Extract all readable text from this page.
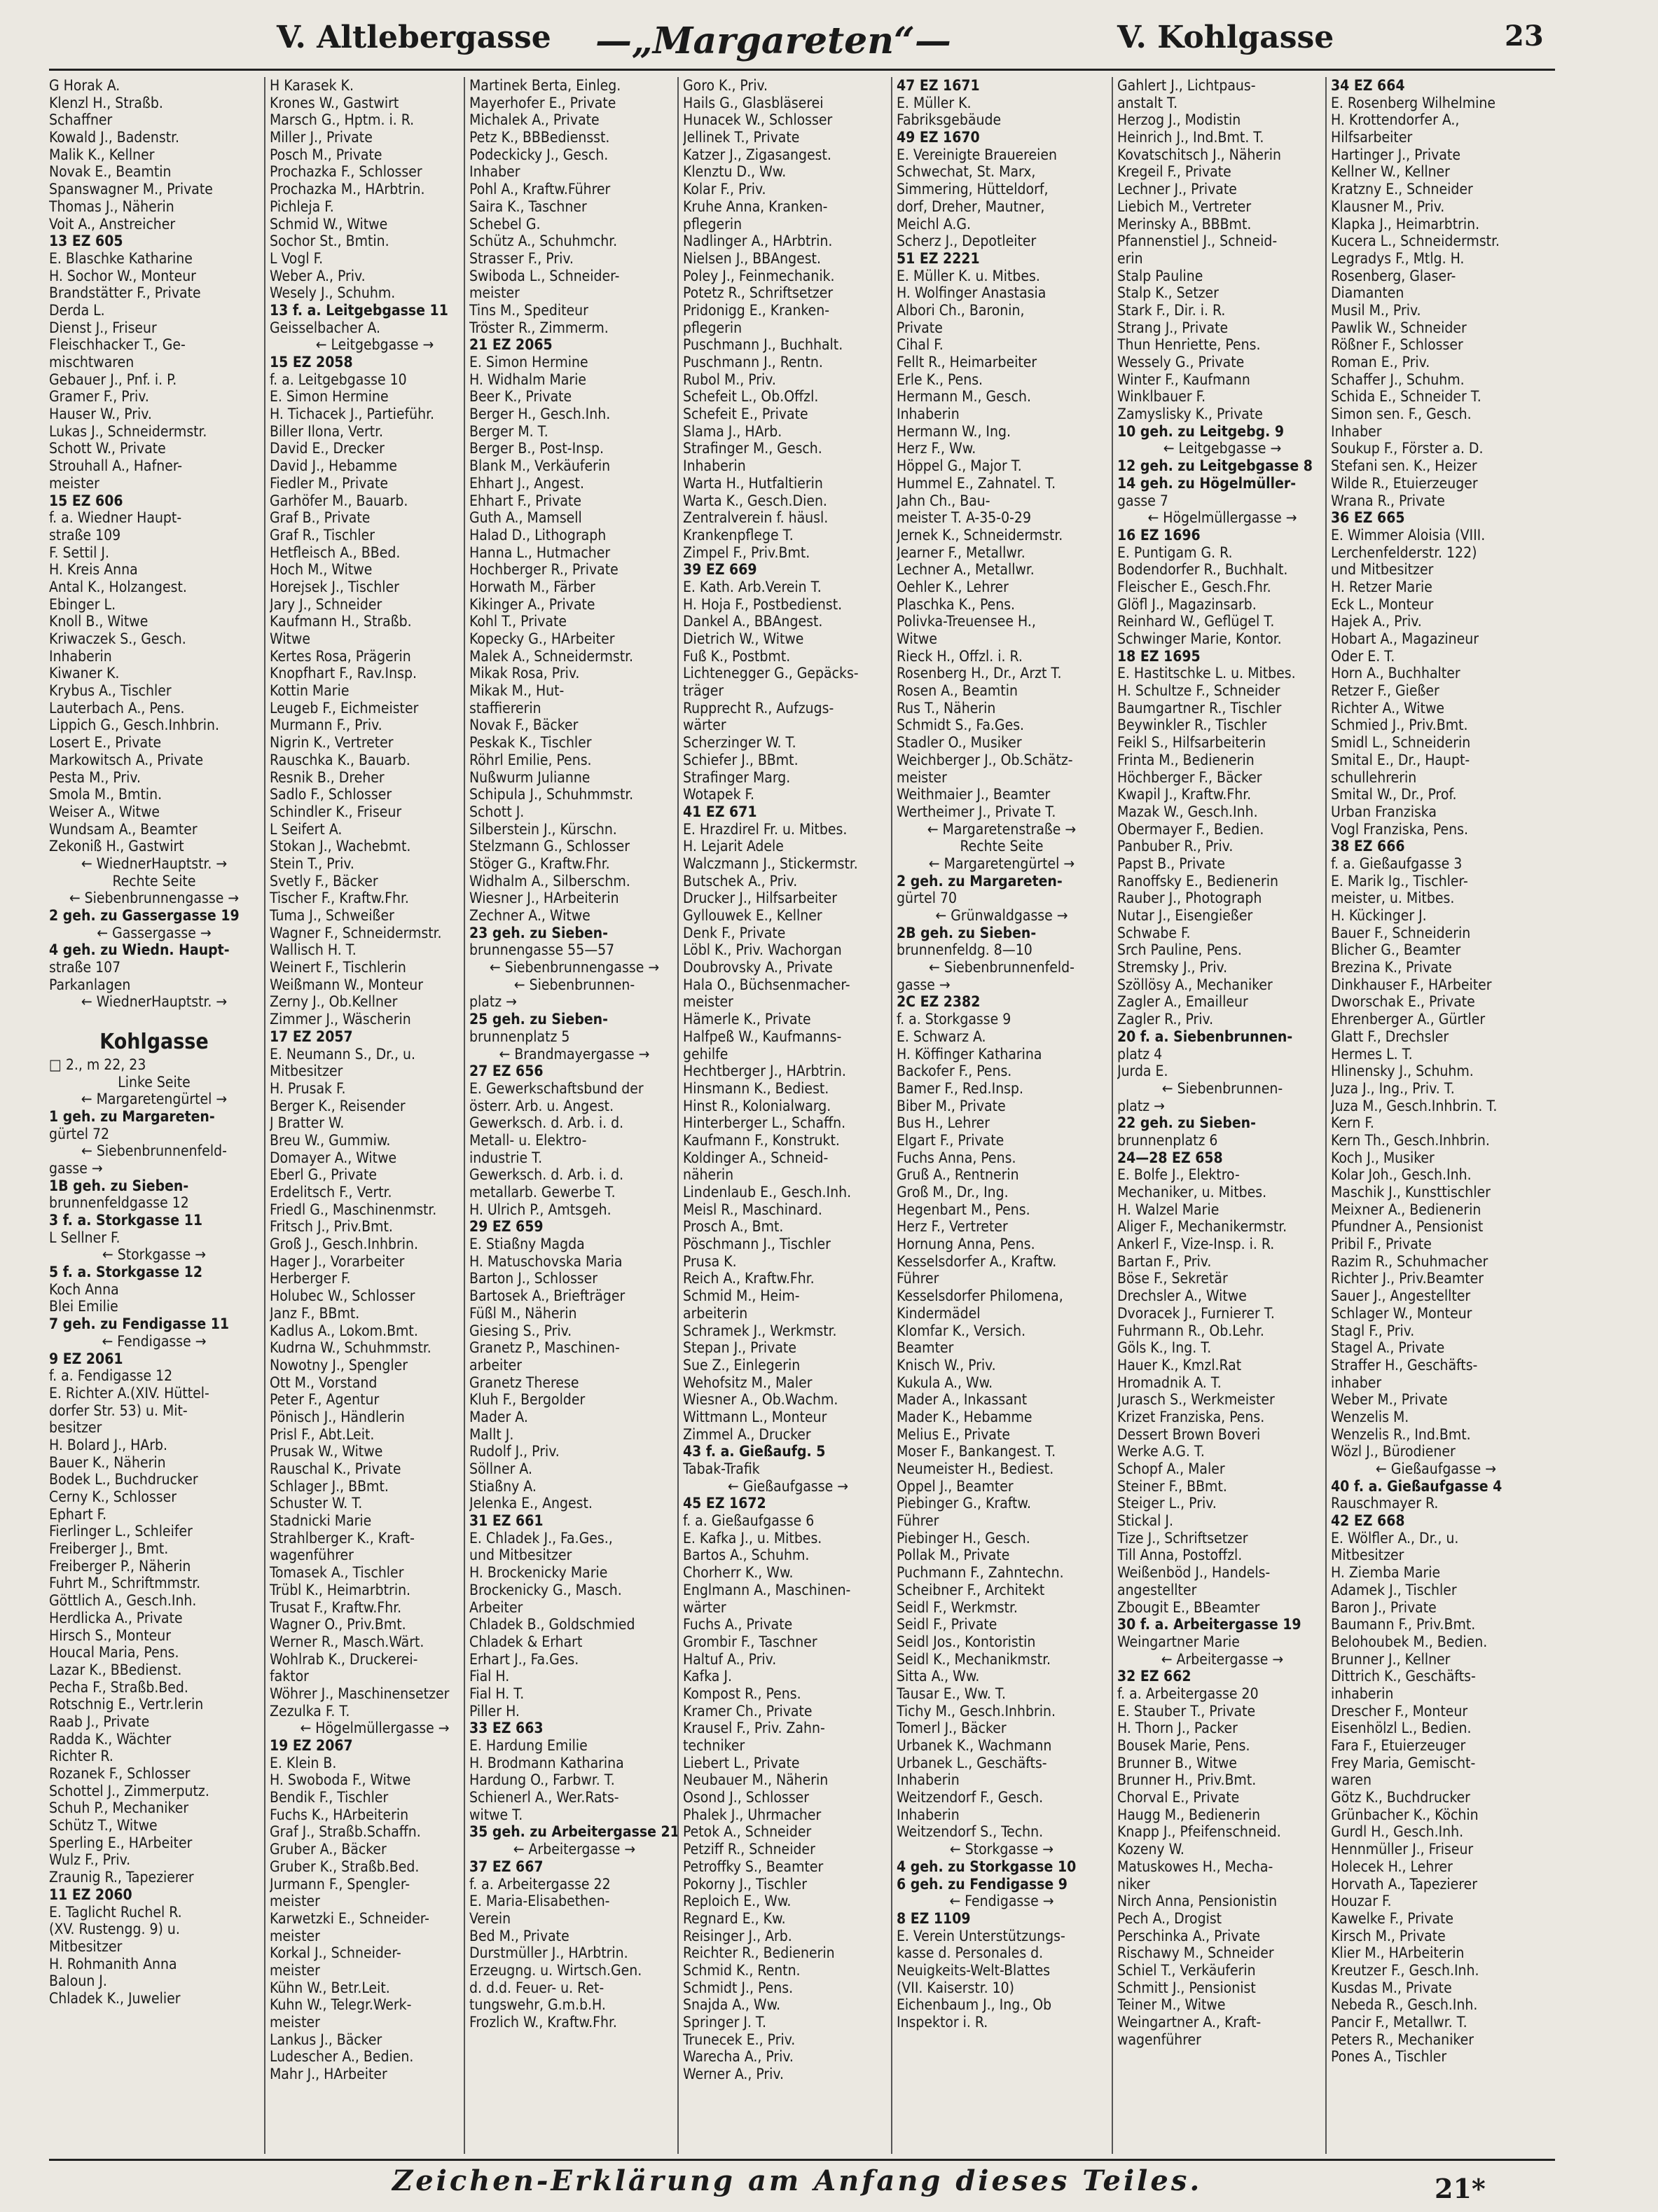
V. Altlebergasse —„Margareten“—	V. Kohlgasse	23
G Horak A.
Klenzl H., Straßb.
Schaffner
Kowald J., Badenstr.
Malik K., Kellner
Novak E., Beamtin
Spanswagner M., Private
Thomas J., Näherin
Voit A., Anstreicher
13 EZ 605
E. Blaschke Katharine
H. Sochor W., Monteur
Brandstätter F., Private
Derda L.
Dienst J., Friseur
Fleischhacker T., Ge-
mischtwaren
Gebauer J., Pnf. i. P.
Gramer F., Priv.
Hauser W., Priv.
Lukas J., Schneidermstr.
Schott W., Private
Strouhall A., Hafner-
meister
15 EZ 606
f. a. Wiedner Haupt-
straße 109
F. Settil J.
H. Kreis Anna
Antal K., Holzangest.
Ebinger L.
Knoll B., Witwe
Kriwaczek S., Gesch.
Inhaberin
Kiwaner K.
Krybus A., Tischler
Lauterbach A., Pens.
Lippich G., Gesch.Inhbrin.
Losert E., Private
Markowitsch A., Private
Pesta M., Priv.
Smola M., Bmtin.
Weiser A., Witwe
Wundsam A., Beamter
Zekoniß H., Gastwirt
← WiednerHauptstr. →
Rechte Seite
← Siebenbrunnengasse →
2 geh. zu Gassergasse 19
← Gassergasse →
4 geh. zu Wiedn. Haupt-
straße 107
Parkanlagen
← WiednerHauptstr. →
Kohlgasse
□ 2., m 22, 23
Linke Seite
← Margaretengürtel →
1 geh. zu Margareten-
gürtel 72
← Siebenbrunnenfeld-
gasse →
1B geh. zu Sieben-
brunnenfeldgasse 12
3 f. a. Storkgasse 11
L Sellner F.
← Storkgasse →
5 f. a. Storkgasse 12
Koch Anna
Blei Emilie
7 geh. zu Fendigasse 11
← Fendigasse →
9 EZ 2061
f. a. Fendigasse 12
E. Richter A.(XIV. Hüttel-
dorfer Str. 53) u. Mit-
besitzer
H. Bolard J., HArb.
Bauer K., Näherin
Bodek L., Buchdrucker
Cerny K., Schlosser
Ephart F.
Fierlinger L., Schleifer
Freiberger J., Bmt.
Freiberger P., Näherin
Fuhrt M., Schriftmmstr.
Göttlich A., Gesch.Inh.
Herdlicka A., Private
Hirsch S., Monteur
Houcal Maria, Pens.
Lazar K., BBedienst.
Pecha F., Straßb.Bed.
Rotschnig E., Vertr.lerin
Raab J., Private
Radda K., Wächter
Richter R.
Rozanek F., Schlosser
Schottel J., Zimmerputz.
Schuh P., Mechaniker
Schütz T., Witwe
Sperling E., HArbeiter
Wulz F., Priv.
Zraunig R., Tapezierer
11 EZ 2060
E. Taglicht Ruchel R.
(XV. Rustengg. 9) u.
Mitbesitzer
H. Rohmanith Anna
Baloun J.
Chladek K., Juwelier
H Karasek K.
Krones W., Gastwirt
Marsch G., Hptm. i. R.
Miller J., Private
Posch M., Private
Prochazka F., Schlosser
Prochazka M., HArbtrin.
Pichleja F.
Schmid W., Witwe
Sochor St., Bmtin.
L Vogl F.
Weber A., Priv.
Wesely J., Schuhm.
13 f. a. Leitgebgasse 11
Geisselbacher A.
← Leitgebgasse →
15 EZ 2058
f. a. Leitgebgasse 10
E. Simon Hermine
H. Tichacek J., Partieführ.
Biller Ilona, Vertr.
David E., Drecker
David J., Hebamme
Fiedler M., Private
Garhöfer M., Bauarb.
Graf B., Private
Graf R., Tischler
Hetfleisch A., BBed.
Hoch M., Witwe
Horejsek J., Tischler
Jary J., Schneider
Kaufmann H., Straßb.
Witwe
Kertes Rosa, Prägerin
Knopfhart F., Rav.Insp.
Kottin Marie
Leugeb F., Eichmeister
Murmann F., Priv.
Nigrin K., Vertreter
Rauschka K., Bauarb.
Resnik B., Dreher
Sadlo F., Schlosser
Schindler K., Friseur
L Seifert A.
Stokan J., Wachebmt.
Stein T., Priv.
Svetly F., Bäcker
Tischer F., Kraftw.Fhr.
Tuma J., Schweißer
Wagner F., Schneidermstr.
Wallisch H. T.
Weinert F., Tischlerin
Weißmann W., Monteur
Zerny J., Ob.Kellner
Zimmer J., Wäscherin
17 EZ 2057
E. Neumann S., Dr., u.
Mitbesitzer
H. Prusak F.
Berger K., Reisender
J Bratter W.
Breu W., Gummiw.
Domayer A., Witwe
Eberl G., Private
Erdelitsch F., Vertr.
Friedl G., Maschinenmstr.
Fritsch J., Priv.Bmt.
Groß J., Gesch.Inhbrin.
Hager J., Vorarbeiter
Herberger F.
Holubec W., Schlosser
Janz F., BBmt.
Kadlus A., Lokom.Bmt.
Kudrna W., Schuhmmstr.
Nowotny J., Spengler
Ott M., Vorstand
Peter F., Agentur
Pönisch J., Händlerin
Prisl F., Abt.Leit.
Prusak W., Witwe
Rauschal K., Private
Schlager J., BBmt.
Schuster W. T.
Stadnicki Marie
Strahlberger K., Kraft-
wagenführer
Tomasek A., Tischler
Trübl K., Heimarbtrin.
Trusat F., Kraftw.Fhr.
Wagner O., Priv.Bmt.
Werner R., Masch.Wärt.
Wohlrab K., Druckerei-
faktor
Wöhrer J., Maschinensetzer
Zezulka F. T.
← Högelmüllergasse →
19 EZ 2067
E. Klein B.
H. Swoboda F., Witwe
Bendik F., Tischler
Fuchs K., HArbeiterin
Graf J., Straßb.Schaffn.
Gruber A., Bäcker
Gruber K., Straßb.Bed.
Jurmann F., Spengler-
meister
Karwetzki E., Schneider-
meister
Korkal J., Schneider-
meister
Kühn W., Betr.Leit.
Kuhn W., Telegr.Werk-
meister
Lankus J., Bäcker
Ludescher A., Bedien.
Mahr J., HArbeiter
Martinek Berta, Einleg.
Mayerhofer E., Private
Michalek A., Private
Petz K., BBBediensst.
Podeckicky J., Gesch.
Inhaber
Pohl A., Kraftw.Führer
Saira K., Taschner
Schebel G.
Schütz A., Schuhmchr.
Strasser F., Priv.
Swiboda L., Schneider-
meister
Tins M., Spediteur
Tröster R., Zimmerm.
21 EZ 2065
E. Simon Hermine
H. Widhalm Marie
Beer K., Private
Berger H., Gesch.Inh.
Berger M. T.
Berger B., Post-Insp.
Blank M., Verkäuferin
Ehhart J., Angest.
Ehhart F., Private
Guth A., Mamsell
Halad D., Lithograph
Hanna L., Hutmacher
Hochberger R., Private
Horwath M., Färber
Kikinger A., Private
Kohl T., Private
Kopecky G., HArbeiter
Malek A., Schneidermstr.
Mikak Rosa, Priv.
Mikak M., Hut-
staffiererin
Novak F., Bäcker
Peskak K., Tischler
Röhrl Emilie, Pens.
Nußwurm Julianne
Schipula J., Schuhmmstr.
Schott J.
Silberstein J., Kürschn.
Stelzmann G., Schlosser
Stöger G., Kraftw.Fhr.
Widhalm A., Silberschm.
Wiesner J., HArbeiterin
Zechner A., Witwe
23 geh. zu Sieben-
brunnengasse 55—57
← Siebenbrunnengasse →
← Siebenbrunnen-
platz →
25 geh. zu Sieben-
brunnenplatz 5
← Brandmayergasse →
27 EZ 656
E. Gewerkschaftsbund der
österr. Arb. u. Angest.
Gewerksch. d. Arb. i. d.
Metall- u. Elektro-
industrie T.
Gewerksch. d. Arb. i. d.
metallarb. Gewerbe T.
H. Ulrich P., Amtsgeh.
29 EZ 659
E. Stiaßny Magda
H. Matuschovska Maria
Barton J., Schlosser
Bartosek A., Briefträger
Füßl M., Näherin
Giesing S., Priv.
Granetz P., Maschinen-
arbeiter
Granetz Therese
Kluh F., Bergolder
Mader A.
Mallt J.
Rudolf J., Priv.
Söllner A.
Stiaßny A.
Jelenka E., Angest.
31 EZ 661
E. Chladek J., Fa.Ges.,
und Mitbesitzer
H. Brockenicky Marie
Brockenicky G., Masch.
Arbeiter
Chladek B., Goldschmied
Chladek & Erhart
Erhart J., Fa.Ges.
Fial H.
Fial H. T.
Piller H.
33 EZ 663
E. Hardung Emilie
H. Brodmann Katharina
Hardung O., Farbwr. T.
Schienerl A., Wer.Rats-
witwe T.
35 geh. zu Arbeitergasse 21
← Arbeitergasse →
37 EZ 667
f. a. Arbeitergasse 22
E. Maria-Elisabethen-
Verein
Bed M., Private
Durstmüller J., HArbtrin.
Erzeugng. u. Wirtsch.Gen.
d. d.d. Feuer- u. Ret-
tungswehr, G.m.b.H.
Frozlich W., Kraftw.Fhr.
Goro K., Priv.
Hails G., Glasbläserei
Hunacek W., Schlosser
Jellinek T., Private
Katzer J., Zigasangest.
Klenztu D., Ww.
Kolar F., Priv.
Kruhe Anna, Kranken-
pflegerin
Nadlinger A., HArbtrin.
Nielsen J., BBAngest.
Poley J., Feinmechanik.
Potetz R., Schriftsetzer
Pridonigg E., Kranken-
pflegerin
Puschmann J., Buchhalt.
Puschmann J., Rentn.
Rubol M., Priv.
Schefeit L., Ob.Offzl.
Schefeit E., Private
Slama J., HArb.
Strafinger M., Gesch.
Inhaberin
Warta H., Hutfaltierin
Warta K., Gesch.Dien.
Zentralverein f. häusl.
Krankenpflege T.
Zimpel F., Priv.Bmt.
39 EZ 669
E. Kath. Arb.Verein T.
H. Hoja F., Postbedienst.
Dankel A., BBAngest.
Dietrich W., Witwe
Fuß K., Postbmt.
Lichtenegger G., Gepäcks-
träger
Rupprecht R., Aufzugs-
wärter
Scherzinger W. T.
Schiefer J., BBmt.
Strafinger Marg.
Wotapek F.
41 EZ 671
E. Hrazdirel Fr. u. Mitbes.
H. Lejarit Adele
Walczmann J., Stickermstr.
Butschek A., Priv.
Drucker J., Hilfsarbeiter
Gyllouwek E., Kellner
Denk F., Private
Löbl K., Priv. Wachorgan
Doubrovsky A., Private
Hala O., Büchsenmacher-
meister
Hämerle K., Private
Halfpeß W., Kaufmanns-
gehilfe
Hechtberger J., HArbtrin.
Hinsmann K., Bediest.
Hinst R., Kolonialwarg.
Hinterberger L., Schaffn.
Kaufmann F., Konstrukt.
Koldinger A., Schneid-
näherin
Lindenlaub E., Gesch.Inh.
Meisl R., Maschinard.
Prosch A., Bmt.
Pöschmann J., Tischler
Prusa K.
Reich A., Kraftw.Fhr.
Schmid M., Heim-
arbeiterin
Schramek J., Werkmstr.
Stepan J., Private
Sue Z., Einlegerin
Wehofsitz M., Maler
Wiesner A., Ob.Wachm.
Wittmann L., Monteur
Zimmel A., Drucker
43 f. a. Gießaufg. 5
Tabak-Trafik
← Gießaufgasse →
45 EZ 1672
f. a. Gießaufgasse 6
E. Kafka J., u. Mitbes.
Bartos A., Schuhm.
Chorherr K., Ww.
Englmann A., Maschinen-
wärter
Fuchs A., Private
Grombir F., Taschner
Haltuf A., Priv.
Kafka J.
Kompost R., Pens.
Kramer Ch., Private
Krausel F., Priv. Zahn-
techniker
Liebert L., Private
Neubauer M., Näherin
Osond J., Schlosser
Phalek J., Uhrmacher
Petok A., Schneider
Petziff R., Schneider
Petroffky S., Beamter
Pokorny J., Tischler
Reploich E., Ww.
Regnard E., Kw.
Reisinger J., Arb.
Reichter R., Bedienerin
Schmid K., Rentn.
Schmidt J., Pens.
Snajda A., Ww.
Springer J. T.
Trunecek E., Priv.
Warecha A., Priv.
Werner A., Priv.
47 EZ 1671
E. Müller K.
Fabriksgebäude
49 EZ 1670
E. Vereinigte Brauereien
Schwechat, St. Marx,
Simmering, Hütteldorf,
dorf, Dreher, Mautner,
Meichl A.G.
Scherz J., Depotleiter
51 EZ 2221
E. Müller K. u. Mitbes.
H. Wolfinger Anastasia
Albori Ch., Baronin,
Private
Cihal F.
Fellt R., Heimarbeiter
Erle K., Pens.
Hermann M., Gesch.
Inhaberin
Hermann W., Ing.
Herz F., Ww.
Höppel G., Major T.
Hummel E., Zahnatel. T.
Jahn Ch., Bau-
meister T. A-35-0-29
Jernek K., Schneidermstr.
Jearner F., Metallwr.
Lechner A., Metallwr.
Oehler K., Lehrer
Plaschka K., Pens.
Polivka-Treuensee H.,
Witwe
Rieck H., Offzl. i. R.
Rosenberg H., Dr., Arzt T.
Rosen A., Beamtin
Rus T., Näherin
Schmidt S., Fa.Ges.
Stadler O., Musiker
Weichberger J., Ob.Schätz-
meister
Weithmaier J., Beamter
Wertheimer J., Private T.
← Margaretenstraße →
Rechte Seite
← Margaretengürtel →
2 geh. zu Margareten-
gürtel 70
← Grünwaldgasse →
2B geh. zu Sieben-
brunnenfeldg. 8—10
← Siebenbrunnenfeld-
gasse →
2C EZ 2382
f. a. Storkgasse 9
E. Schwarz A.
H. Köffinger Katharina
Backofer F., Pens.
Bamer F., Red.Insp.
Biber M., Private
Bus H., Lehrer
Elgart F., Private
Fuchs Anna, Pens.
Gruß A., Rentnerin
Groß M., Dr., Ing.
Hegenbart M., Pens.
Herz F., Vertreter
Hornung Anna, Pens.
Kesselsdorfer A., Kraftw.
Führer
Kesselsdorfer Philomena,
Kindermädel
Klomfar K., Versich.
Beamter
Knisch W., Priv.
Kukula A., Ww.
Mader A., Inkassant
Mader K., Hebamme
Melius E., Private
Moser F., Bankangest. T.
Neumeister H., Bediest.
Oppel J., Beamter
Piebinger G., Kraftw.
Führer
Piebinger H., Gesch.
Pollak M., Private
Puchmann F., Zahntechn.
Scheibner F., Architekt
Seidl F., Werkmstr.
Seidl F., Private
Seidl Jos., Kontoristin
Seidl K., Mechanikmstr.
Sitta A., Ww.
Tausar E., Ww. T.
Tichy M., Gesch.Inhbrin.
Tomerl J., Bäcker
Urbanek K., Wachmann
Urbanek L., Geschäfts-
Inhaberin
Weitzendorf F., Gesch.
Inhaberin
Weitzendorf S., Techn.
← Storkgasse →
4 geh. zu Storkgasse 10
6 geh. zu Fendigasse 9
← Fendigasse →
8 EZ 1109
E. Verein Unterstützungs-
kasse d. Personales d.
Neuigkeits-Welt-Blattes
(VII. Kaiserstr. 10)
Eichenbaum J., Ing., Ob
Inspektor i. R.
Gahlert J., Lichtpaus-
anstalt T.
Herzog J., Modistin
Heinrich J., Ind.Bmt. T.
Kovatschitsch J., Näherin
Kregeil F., Private
Lechner J., Private
Liebich M., Vertreter
Merinsky A., BBBmt.
Pfannenstiel J., Schneid-
erin
Stalp Pauline
Stalp K., Setzer
Stark F., Dir. i. R.
Strang J., Private
Thun Henriette, Pens.
Wessely G., Private
Winter F., Kaufmann
Winklbauer F.
Zamyslisky K., Private
10 geh. zu Leitgebg. 9
← Leitgebgasse →
12 geh. zu Leitgebgasse 8
14 geh. zu Högelmüller-
gasse 7
← Högelmüllergasse →
16 EZ 1696
E. Puntigam G. R.
Bodendorfer R., Buchhalt.
Fleischer E., Gesch.Fhr.
Glöfl J., Magazinsarb.
Reinhard W., Geflügel T.
Schwinger Marie, Kontor.
18 EZ 1695
E. Hastitschke L. u. Mitbes.
H. Schultze F., Schneider
Baumgartner R., Tischler
Beywinkler R., Tischler
Feikl S., Hilfsarbeiterin
Frinta M., Bedienerin
Höchberger F., Bäcker
Kwapil J., Kraftw.Fhr.
Mazak W., Gesch.Inh.
Obermayer F., Bedien.
Panbuber R., Priv.
Papst B., Private
Ranoffsky E., Bedienerin
Rauber J., Photograph
Nutar J., Eisengießer
Schwabe F.
Srch Pauline, Pens.
Stremsky J., Priv.
Szöllösy A., Mechaniker
Zagler A., Emailleur
Zagler R., Priv.
20 f. a. Siebenbrunnen-
platz 4
Jurda E.
← Siebenbrunnen-
platz →
22 geh. zu Sieben-
brunnenplatz 6
24—28 EZ 658
E. Bolfe J., Elektro-
Mechaniker, u. Mitbes.
H. Walzel Marie
Aliger F., Mechanikermstr.
Ankerl F., Vize-Insp. i. R.
Bartan F., Priv.
Böse F., Sekretär
Drechsler A., Witwe
Dvoracek J., Furnierer T.
Fuhrmann R., Ob.Lehr.
Göls K., Ing. T.
Hauer K., Kmzl.Rat
Hromadnik A. T.
Jurasch S., Werkmeister
Krizet Franziska, Pens.
Dessert Brown Boveri
Werke A.G. T.
Schopf A., Maler
Steiner F., BBmt.
Steiger L., Priv.
Stickal J.
Tize J., Schriftsetzer
Till Anna, Postoffzl.
Weißenböd J., Handels-
angestellter
Zbougit E., BBeamter
30 f. a. Arbeitergasse 19
Weingartner Marie
← Arbeitergasse →
32 EZ 662
f. a. Arbeitergasse 20
E. Stauber T., Private
H. Thorn J., Packer
Bousek Marie, Pens.
Brunner B., Witwe
Brunner H., Priv.Bmt.
Chorval E., Private
Haugg M., Bedienerin
Knapp J., Pfeifenschneid.
Kozeny W.
Matuskowes H., Mecha-
niker
Nirch Anna, Pensionistin
Pech A., Drogist
Perschinka A., Private
Rischawy M., Schneider
Schiel T., Verkäuferin
Schmitt J., Pensionist
Teiner M., Witwe
Weingartner A., Kraft-
wagenführer
34 EZ 664
E. Rosenberg Wilhelmine
H. Krottendorfer A.,
Hilfsarbeiter
Hartinger J., Private
Kellner W., Kellner
Kratzny E., Schneider
Klausner M., Priv.
Klapka J., Heimarbtrin.
Kucera L., Schneidermstr.
Legradys F., Mtlg. H.
Rosenberg, Glaser-
Diamanten
Musil M., Priv.
Pawlik W., Schneider
Rößner F., Schlosser
Roman E., Priv.
Schaffer J., Schuhm.
Schida E., Schneider T.
Simon sen. F., Gesch.
Inhaber
Soukup F., Förster a. D.
Stefani sen. K., Heizer
Wilde R., Etuierzeuger
Wrana R., Private
36 EZ 665
E. Wimmer Aloisia (VIII.
Lerchenfelderstr. 122)
und Mitbesitzer
H. Retzer Marie
Eck L., Monteur
Hajek A., Priv.
Hobart A., Magazineur
Oder E. T.
Horn A., Buchhalter
Retzer F., Gießer
Richter A., Witwe
Schmied J., Priv.Bmt.
Smidl L., Schneiderin
Smital E., Dr., Haupt-
schullehrerin
Smital W., Dr., Prof.
Urban Franziska
Vogl Franziska, Pens.
38 EZ 666
f. a. Gießaufgasse 3
E. Marik Ig., Tischler-
meister, u. Mitbes.
H. Kückinger J.
Bauer F., Schneiderin
Blicher G., Beamter
Brezina K., Private
Dinkhauser F., HArbeiter
Dworschak E., Private
Ehrenberger A., Gürtler
Glatt F., Drechsler
Hermes L. T.
Hlinensky J., Schuhm.
Juza J., Ing., Priv. T.
Juza M., Gesch.Inhbrin. T.
Kern F.
Kern Th., Gesch.Inhbrin.
Koch J., Musiker
Kolar Joh., Gesch.Inh.
Maschik J., Kunsttischler
Meixner A., Bedienerin
Pfundner A., Pensionist
Pribil F., Private
Razim R., Schuhmacher
Richter J., Priv.Beamter
Sauer J., Angestellter
Schlager W., Monteur
Stagl F., Priv.
Stagel A., Private
Straffer H., Geschäfts-
inhaber
Weber M., Private
Wenzelis M.
Wenzelis R., Ind.Bmt.
Wözl J., Bürodiener
← Gießaufgasse →
40 f. a. Gießaufgasse 4
Rauschmayer R.
42 EZ 668
E. Wölfler A., Dr., u.
Mitbesitzer
H. Ziemba Marie
Adamek J., Tischler
Baron J., Private
Baumann F., Priv.Bmt.
Belohoubek M., Bedien.
Brunner J., Kellner
Dittrich K., Geschäfts-
inhaberin
Drescher F., Monteur
Eisenhölzl L., Bedien.
Fara F., Etuierzeuger
Frey Maria, Gemischt-
waren
Götz K., Buchdrucker
Grünbacher K., Köchin
Gurdl H., Gesch.Inh.
Hennmüller J., Friseur
Holecek H., Lehrer
Horvath A., Tapezierer
Houzar F.
Kawelke F., Private
Kirsch M., Private
Klier M., HArbeiterin
Kreutzer F., Gesch.Inh.
Kusdas M., Private
Nebeda R., Gesch.Inh.
Pancir F., Metallwr. T.
Peters R., Mechaniker
Pones A., Tischler
Zeichen-Erklärung am Anfang dieses Teiles.	21*
